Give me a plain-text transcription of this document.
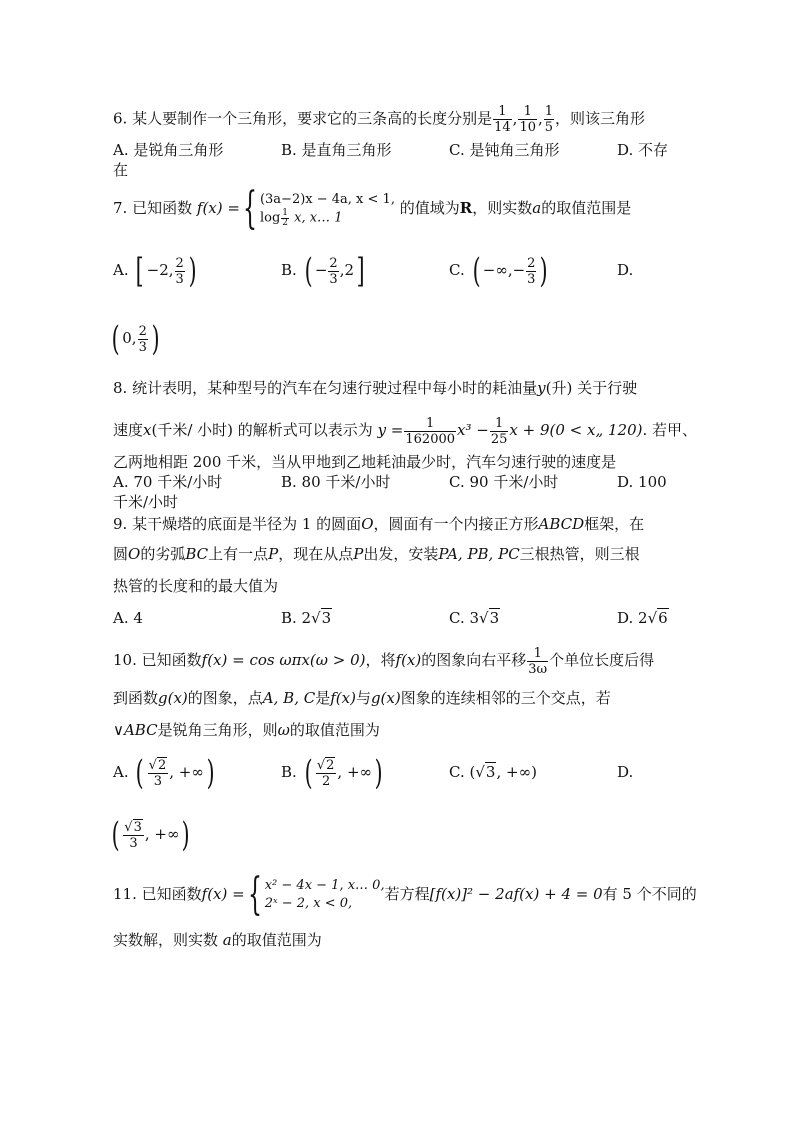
6. 某人要制作一个三角形，要求它的三条高的长度分别是 $\frac{1}{14}$ , $\frac{1}{10}$ , $\frac{1}{5}$ ，则该三角形
A. 是锐角三角形	B. 是直角三角形	C. 是钝角三角形	D. 不存
在
7. 已知函数 f(x) ={ (3a−2)x − 4a, x < 1,
$\log \frac{1}{2} x$, x… 1
的值域为R，则实数a的取值范围是
A. [ −2, $\frac{2}{3}$ )	B. ( − $\frac{2}{3} ,2$]	C. ( −∞,− $\frac{2}{3}$ )	D.
( 0, $\frac{2}{3}$ )
8. 统计表明，某种型号的汽车在匀速行驶过程中每小时的耗油量y(升) 关于行驶
速度x(千米/ 小时) 的解析式可以表示为 $y = \frac{1}{162000} x^3 - \frac{1}{25}$ x + 9(0 < x„ 120). 若甲、
乙两地相距 200 千米，当从甲地到乙地耗油最少时，汽车匀速行驶的速度是
A. 70 千米/小时	B. 80 千米/小时	C. 90 千米/小时	D. 100
千米/小时
9. 某干燥塔的底面是半径为 1 的圆面O，圆面有一个内接正方形ABCD框架，在
圆O的劣弧BC上有一点P，现在从点P出发，安装PA, PB, PC三根热管，则三根
热管的长度和的最大值为
A. 4	B. 2√3	C. 3√3	D. 2√6
10. 已知函数f(x) = cos ωπx(ω > 0)，将f(x)的图象向右平移 $\frac{1}{3\omega}$ 个单位长度后得
到函数g(x)的图象，点A, B, C是f(x)与g(x)图象的连续相邻的三个交点，若
∨ABC是锐角三角形，则ω的取值范围为
A. ( $\frac{√2}{3}$ , +∞)	B. ( $\frac{√2}{2}$ , +∞)	C. (√3, +∞)	D.
( $\frac{√3}{3}$ , +∞)
11. 已知函数f(x) ={ x² − 4x − 1, x… 0,
2ˣ − 2, x < 0,
若方程[f(x)]² − 2af(x) + 4 = 0有 5 个不同的
实数解，则实数 a的取值范围为
